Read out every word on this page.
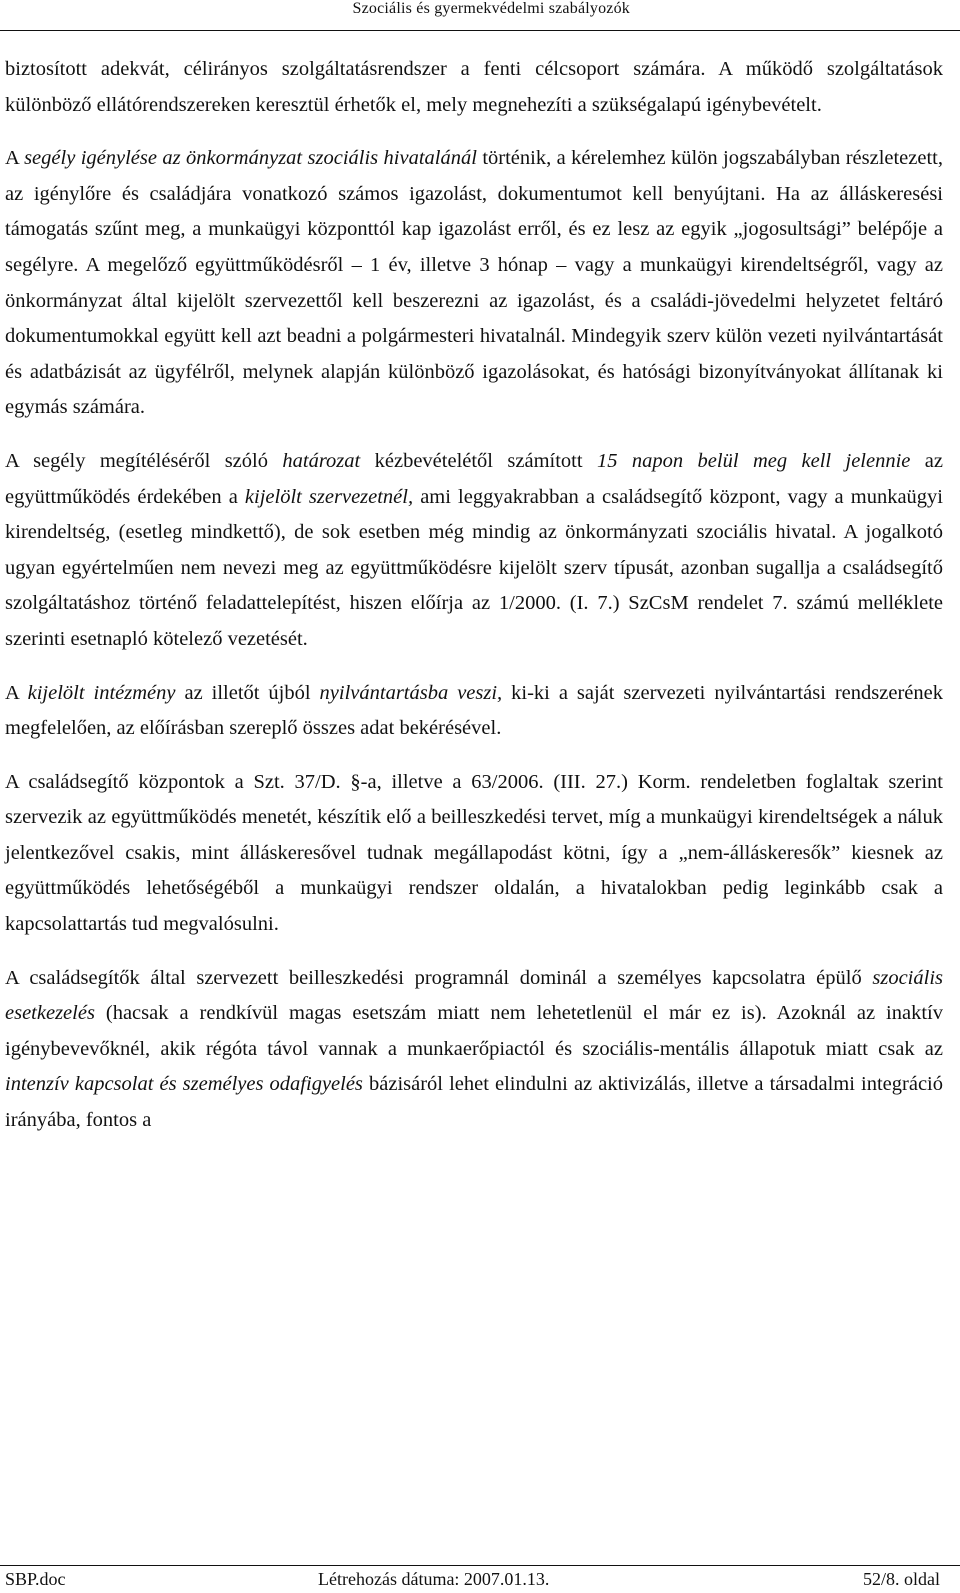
Szociális és gyermekvédelmi szabályozók

biztosított adekvát, célirányos szolgáltatásrendszer a fenti célcsoport számára. A működő szolgáltatások különböző ellátórendszereken keresztül érhetők el, mely megnehezíti a szükségalapú igénybevételt.

A segély igénylése az önkormányzat szociális hivatalánál történik, a kérelemhez külön jogszabályban részletezett, az igénylőre és családjára vonatkozó számos igazolást, dokumentumot kell benyújtani. Ha az álláskeresési támogatás szűnt meg, a munkaügyi központtól kap igazolást erről, és ez lesz az egyik „jogosultsági” belépője a segélyre. A megelőző együttműködésről – 1 év, illetve 3 hónap – vagy a munkaügyi kirendeltségről, vagy az önkormányzat által kijelölt szervezettől kell beszerezni az igazolást, és a családi-jövedelmi helyzetet feltáró dokumentumokkal együtt kell azt beadni a polgármesteri hivatalnál. Mindegyik szerv külön vezeti nyilvántartását és adatbázisát az ügyfélről, melynek alapján különböző igazolásokat, és hatósági bizonyítványokat állítanak ki egymás számára.

A segély megítéléséről szóló határozat kézbevételétől számított 15 napon belül meg kell jelennie az együttműködés érdekében a kijelölt szervezetnél, ami leggyakrabban a családsegítő központ, vagy a munkaügyi kirendeltség, (esetleg mindkettő), de sok esetben még mindig az önkormányzati szociális hivatal. A jogalkotó ugyan egyértelműen nem nevezi meg az együttműködésre kijelölt szerv típusát, azonban sugallja a családsegítő szolgáltatáshoz történő feladattelepítést, hiszen előírja az 1/2000. (I. 7.) SzCsM rendelet 7. számú melléklete szerinti esetnapló kötelező vezetését.

A kijelölt intézmény az illetőt újból nyilvántartásba veszi, ki-ki a saját szervezeti nyilvántartási rendszerének megfelelően, az előírásban szereplő összes adat bekérésével.

A családsegítő központok a Szt. 37/D. §-a, illetve a 63/2006. (III. 27.) Korm. rendeletben foglaltak szerint szervezik az együttműködés menetét, készítik elő a beilleszkedési tervet, míg a munkaügyi kirendeltségek a náluk jelentkezővel csakis, mint álláskeresővel tudnak megállapodást kötni, így a „nem-álláskeresők” kiesnek az együttműködés lehetőségéből a munkaügyi rendszer oldalán, a hivatalokban pedig leginkább csak a kapcsolattartás tud megvalósulni.

A családsegítők által szervezett beilleszkedési programnál dominál a személyes kapcsolatra épülő szociális esetkezelés (hacsak a rendkívül magas esetszám miatt nem lehetetlenül el már ez is). Azoknál az inaktív igénybevevőknél, akik régóta távol vannak a munkaerőpiactól és szociális-mentális állapotuk miatt csak az intenzív kapcsolat és személyes odafigyelés bázisáról lehet elindulni az aktivizálás, illetve a társadalmi integráció irányába, fontos a

SBP.doc	Létrehozás dátuma: 2007.01.13.	52/8. oldal
